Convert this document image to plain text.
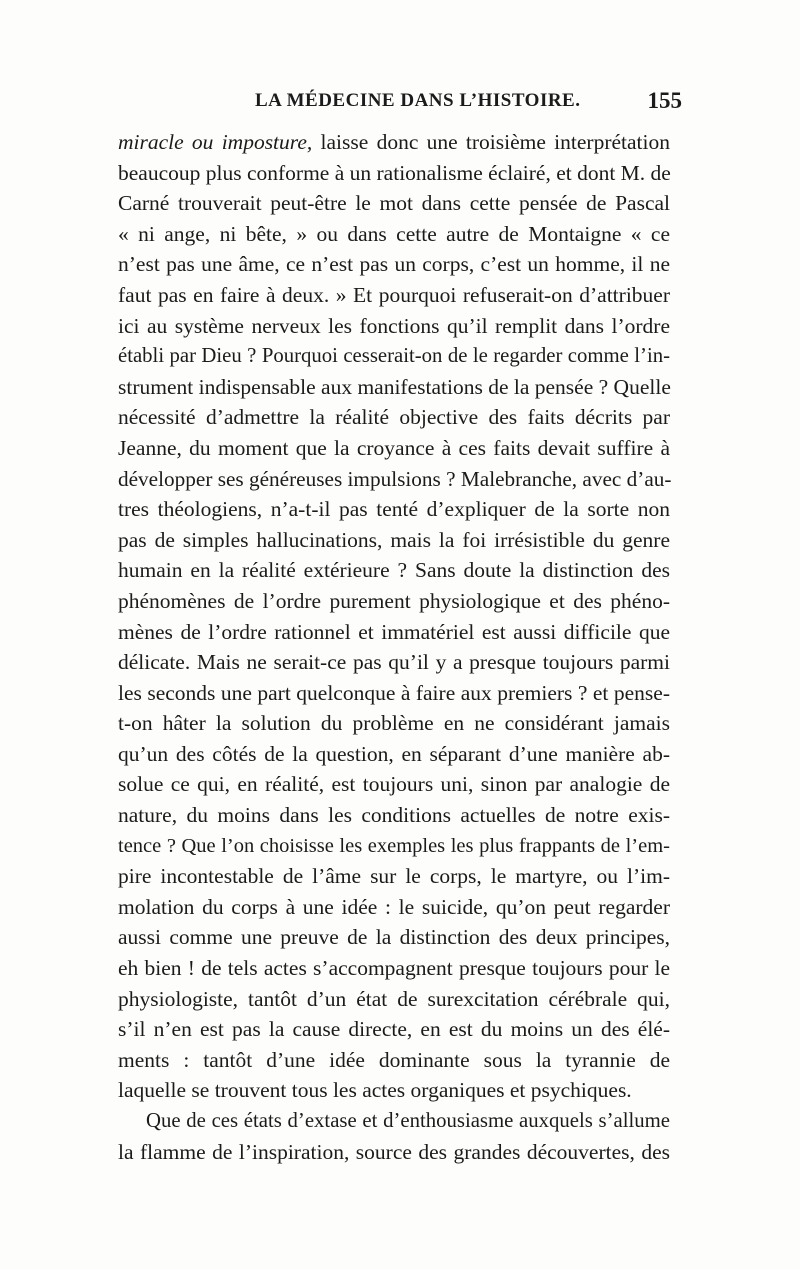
LA MÉDECINE DANS L’HISTOIRE.	155
miracle ou imposture, laisse donc une troisième interprétation
beaucoup plus conforme à un rationalisme éclairé, et dont M. de
Carné trouverait peut-être le mot dans cette pensée de Pascal
« ni ange, ni bête, » ou dans cette autre de Montaigne « ce
n’est pas une âme, ce n’est pas un corps, c’est un homme, il ne
faut pas en faire à deux. » Et pourquoi refuserait-on d’attribuer
ici au système nerveux les fonctions qu’il remplit dans l’ordre
établi par Dieu ? Pourquoi cesserait-on de le regarder comme l’in-
strument indispensable aux manifestations de la pensée ? Quelle
nécessité d’admettre la réalité objective des faits décrits par
Jeanne, du moment que la croyance à ces faits devait suffire à
développer ses généreuses impulsions ? Malebranche, avec d’au-
tres théologiens, n’a-t-il pas tenté d’expliquer de la sorte non
pas de simples hallucinations, mais la foi irrésistible du genre
humain en la réalité extérieure ? Sans doute la distinction des
phénomènes de l’ordre purement physiologique et des phéno-
mènes de l’ordre rationnel et immatériel est aussi difficile que
délicate. Mais ne serait-ce pas qu’il y a presque toujours parmi
les seconds une part quelconque à faire aux premiers ? et pense-
t-on hâter la solution du problème en ne considérant jamais
qu’un des côtés de la question, en séparant d’une manière ab-
solue ce qui, en réalité, est toujours uni, sinon par analogie de
nature, du moins dans les conditions actuelles de notre exis-
tence ? Que l’on choisisse les exemples les plus frappants de l’em-
pire incontestable de l’âme sur le corps, le martyre, ou l’im-
molation du corps à une idée : le suicide, qu’on peut regarder
aussi comme une preuve de la distinction des deux principes,
eh bien ! de tels actes s’accompagnent presque toujours pour le
physiologiste, tantôt d’un état de surexcitation cérébrale qui,
s’il n’en est pas la cause directe, en est du moins un des élé-
ments : tantôt d’une idée dominante sous la tyrannie de
laquelle se trouvent tous les actes organiques et psychiques.
Que de ces états d’extase et d’enthousiasme auxquels s’allume
la flamme de l’inspiration, source des grandes découvertes, des
